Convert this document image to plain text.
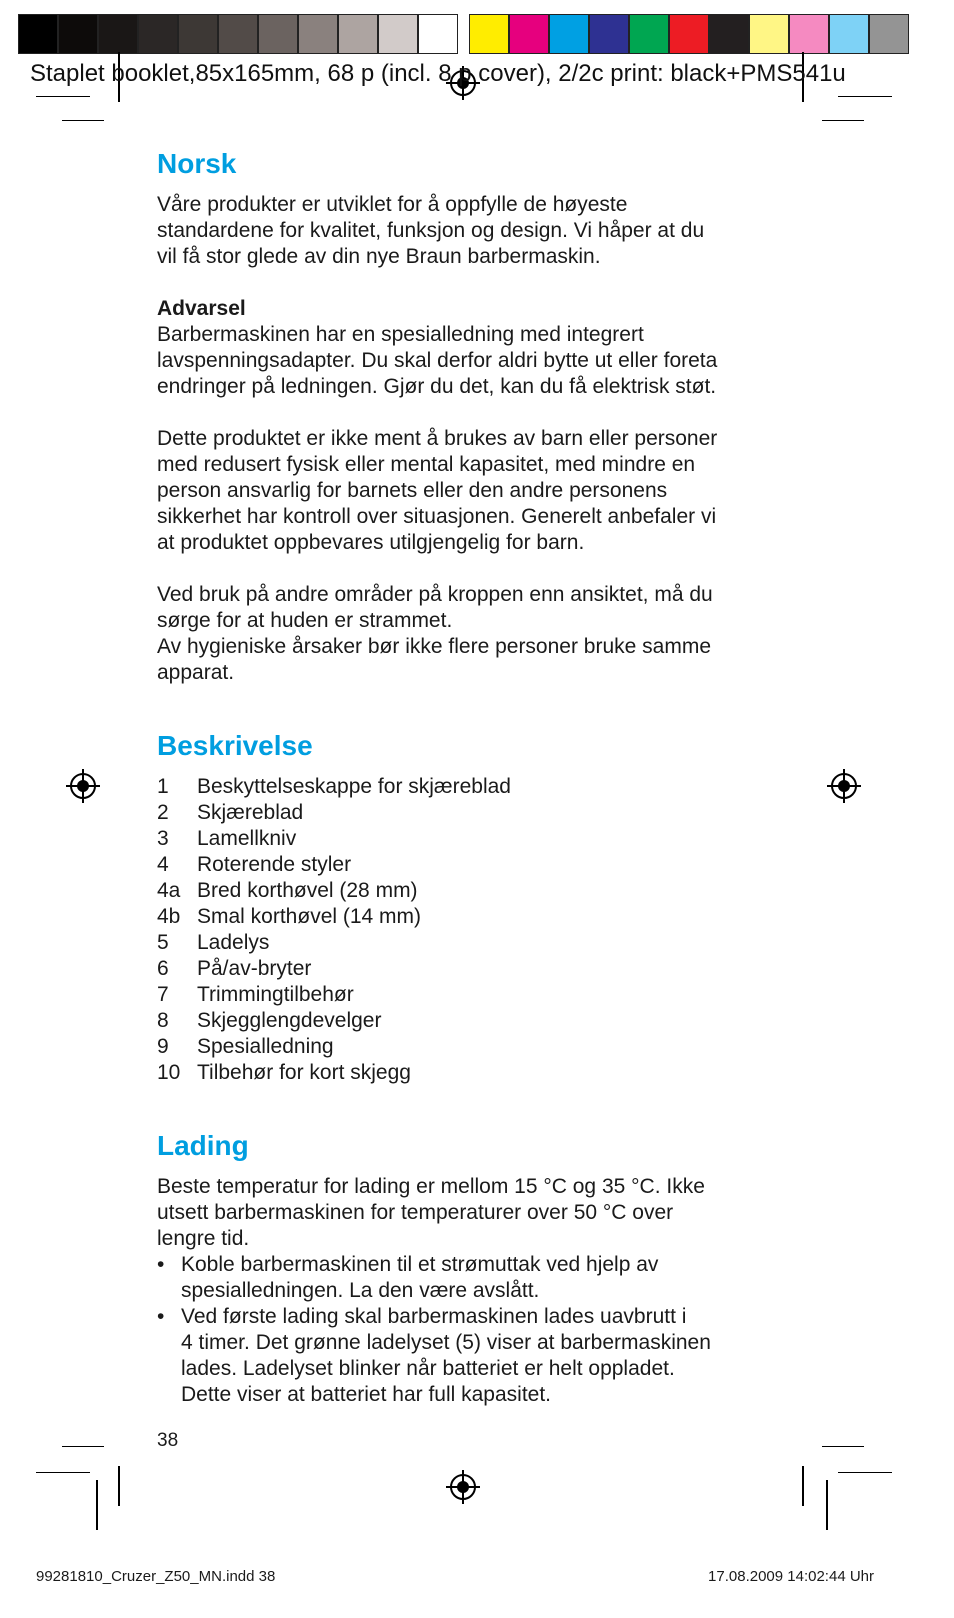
Staplet booklet,85x165mm, 68 p (incl. 8 p cover), 2/2c print: black+PMS541u
Norsk

Våre produkter er utviklet for å oppfylle de høyeste

standardene for kvalitet, funksjon og design. Vi håper at du

vil få stor glede av din nye Braun barbermaskin.

Advarsel

Barbermaskinen har en spesialledning med integrert

lavspenningsadapter. Du skal derfor aldri bytte ut eller foreta

endringer på ledningen. Gjør du det, kan du få elektrisk støt.

Dette produktet er ikke ment å brukes av barn eller personer

med redusert fysisk eller mental kapasitet, med mindre en

person ansvarlig for barnets eller den andre personens

sikkerhet har kontroll over situasjonen. Generelt anbefaler vi

at produktet oppbevares utilgjengelig for barn.

Ved bruk på andre områder på kroppen enn ansiktet, må du

sørge for at huden er strammet.

Av hygieniske årsaker bør ikke flere personer bruke samme

apparat.

Beskrivelse
1	Beskyttelseskappe for skjæreblad
2	Skjæreblad
3	Lamellkniv
4	Roterende styler
4a Bred korthøvel (28 mm)
4b Smal korthøvel (14 mm)
5	Ladelys
6	På/av-bryter
7	Trimmingtilbehør
8	Skjegglengdevelger
9	Spesialledning
10 Tilbehør for kort skjegg
Lading

Beste temperatur for lading er mellom 15 °C og 35 °C. Ikke

utsett barbermaskinen for temperaturer over 50 °C over

lengre tid.

• Koble barbermaskinen til et strømuttak ved hjelp av

spesialledningen. La den være avslått.

• Ved første lading skal barbermaskinen lades uavbrutt i

4 timer. Det grønne ladelyset (5) viser at barbermaskinen

lades. Ladelyset blinker når batteriet er helt oppladet.

Dette viser at batteriet har full kapasitet.

38
99281810_Cruzer_Z50_MN.indd 38	17.08.2009 14:02:44 Uhr
